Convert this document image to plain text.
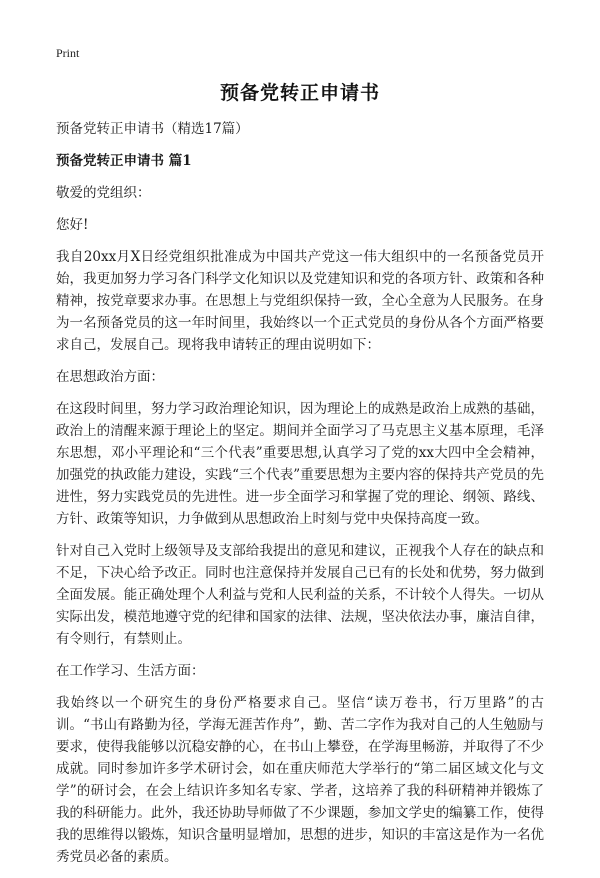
Print
预备党转正申请书

预备党转正申请书（精选17篇）

预备党转正申请书 篇1

敬爱的党组织：

您好!

我自20xx月X日经党组织批准成为中国共产党这一伟大组织中的一名预备党员开始，我更加努力学习各门科学文化知识以及党建知识和党的各项方针、政策和各种精神，按党章要求办事。在思想上与党组织保持一致，全心全意为人民服务。在身为一名预备党员的这一年时间里，我始终以一个正式党员的身份从各个方面严格要求自己，发展自己。现将我申请转正的理由说明如下：

在思想政治方面：

在这段时间里，努力学习政治理论知识，因为理论上的成熟是政治上成熟的基础，政治上的清醒来源于理论上的坚定。期间并全面学习了马克思主义基本原理，毛泽东思想，邓小平理论和“三个代表”重要思想,认真学习了党的xx大四中全会精神，加强党的执政能力建设，实践“三个代表”重要思想为主要内容的保持共产党员的先进性，努力实践党员的先进性。进一步全面学习和掌握了党的理论、纲领、路线、方针、政策等知识，力争做到从思想政治上时刻与党中央保持高度一致。

针对自己入党时上级领导及支部给我提出的意见和建议，正视我个人存在的缺点和不足，下决心给予改正。同时也注意保持并发展自己已有的长处和优势，努力做到全面发展。能正确处理个人利益与党和人民利益的关系，不计较个人得失。一切从实际出发，模范地遵守党的纪律和国家的法律、法规，坚决依法办事，廉洁自律，有令则行，有禁则止。

在工作学习、生活方面：

我始终以一个研究生的身份严格要求自己。坚信“读万卷书，行万里路”的古训。“书山有路勤为径，学海无涯苦作舟”，勤、苦二字作为我对自己的人生勉励与要求，使得我能够以沉稳安静的心，在书山上攀登，在学海里畅游，并取得了不少成就。同时参加许多学术研讨会，如在重庆师范大学举行的“第二届区域文化与文学”的研讨会，在会上结识许多知名专家、学者，这培养了我的科研精神并锻炼了我的科研能力。此外，我还协助导师做了不少课题，参加文学史的编纂工作，使得我的思维得以锻炼，知识含量明显增加，思想的进步，知识的丰富这是作为一名优秀党员必备的素质。
